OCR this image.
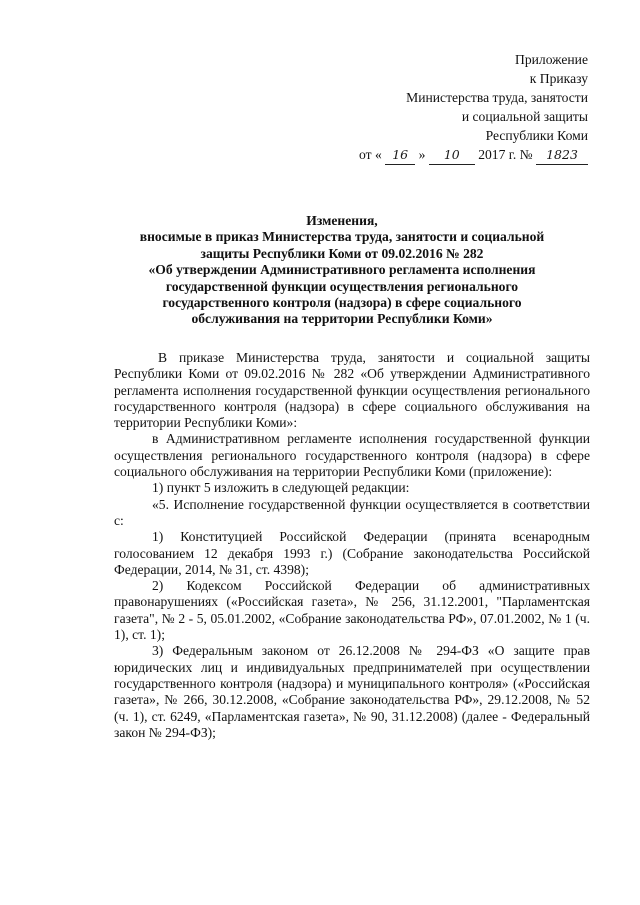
Приложение
к Приказу
Министерства труда, занятости
и социальной защиты
Республики Коми
от « 16 » 10 2017 г. № 1823
Изменения,
вносимые в приказ Министерства труда, занятости и социальной
защиты Республики Коми от 09.02.2016 № 282
«Об утверждении Административного регламента исполнения
государственной функции осуществления регионального
государственного контроля (надзора) в сфере социального
обслуживания на территории Республики Коми»

В приказе Министерства труда, занятости и социальной защиты Республики Коми от 09.02.2016 № 282 «Об утверждении Административного регламента исполнения государственной функции осуществления регионального государственного контроля (надзора) в сфере социального обслуживания на территории Республики Коми»:

в Административном регламенте исполнения государственной функции осуществления регионального государственного контроля (надзора) в сфере социального обслуживания на территории Республики Коми (приложение):

1) пункт 5 изложить в следующей редакции:

«5. Исполнение государственной функции осуществляется в соответствии с:

1) Конституцией Российской Федерации (принята всенародным голосованием 12 декабря 1993 г.) (Собрание законодательства Российской Федерации, 2014, № 31, ст. 4398);

2) Кодексом Российской Федерации об административных правонарушениях («Российская газета», № 256, 31.12.2001, "Парламентская газета", № 2 - 5, 05.01.2002, «Собрание законодательства РФ», 07.01.2002, № 1 (ч. 1), ст. 1);

3) Федеральным законом от 26.12.2008 № 294-ФЗ «О защите прав юридических лиц и индивидуальных предпринимателей при осуществлении государственного контроля (надзора) и муниципального контроля» («Российская газета», № 266, 30.12.2008, «Собрание законодательства РФ», 29.12.2008, № 52 (ч. 1), ст. 6249, «Парламентская газета», № 90, 31.12.2008) (далее - Федеральный закон № 294-ФЗ);
